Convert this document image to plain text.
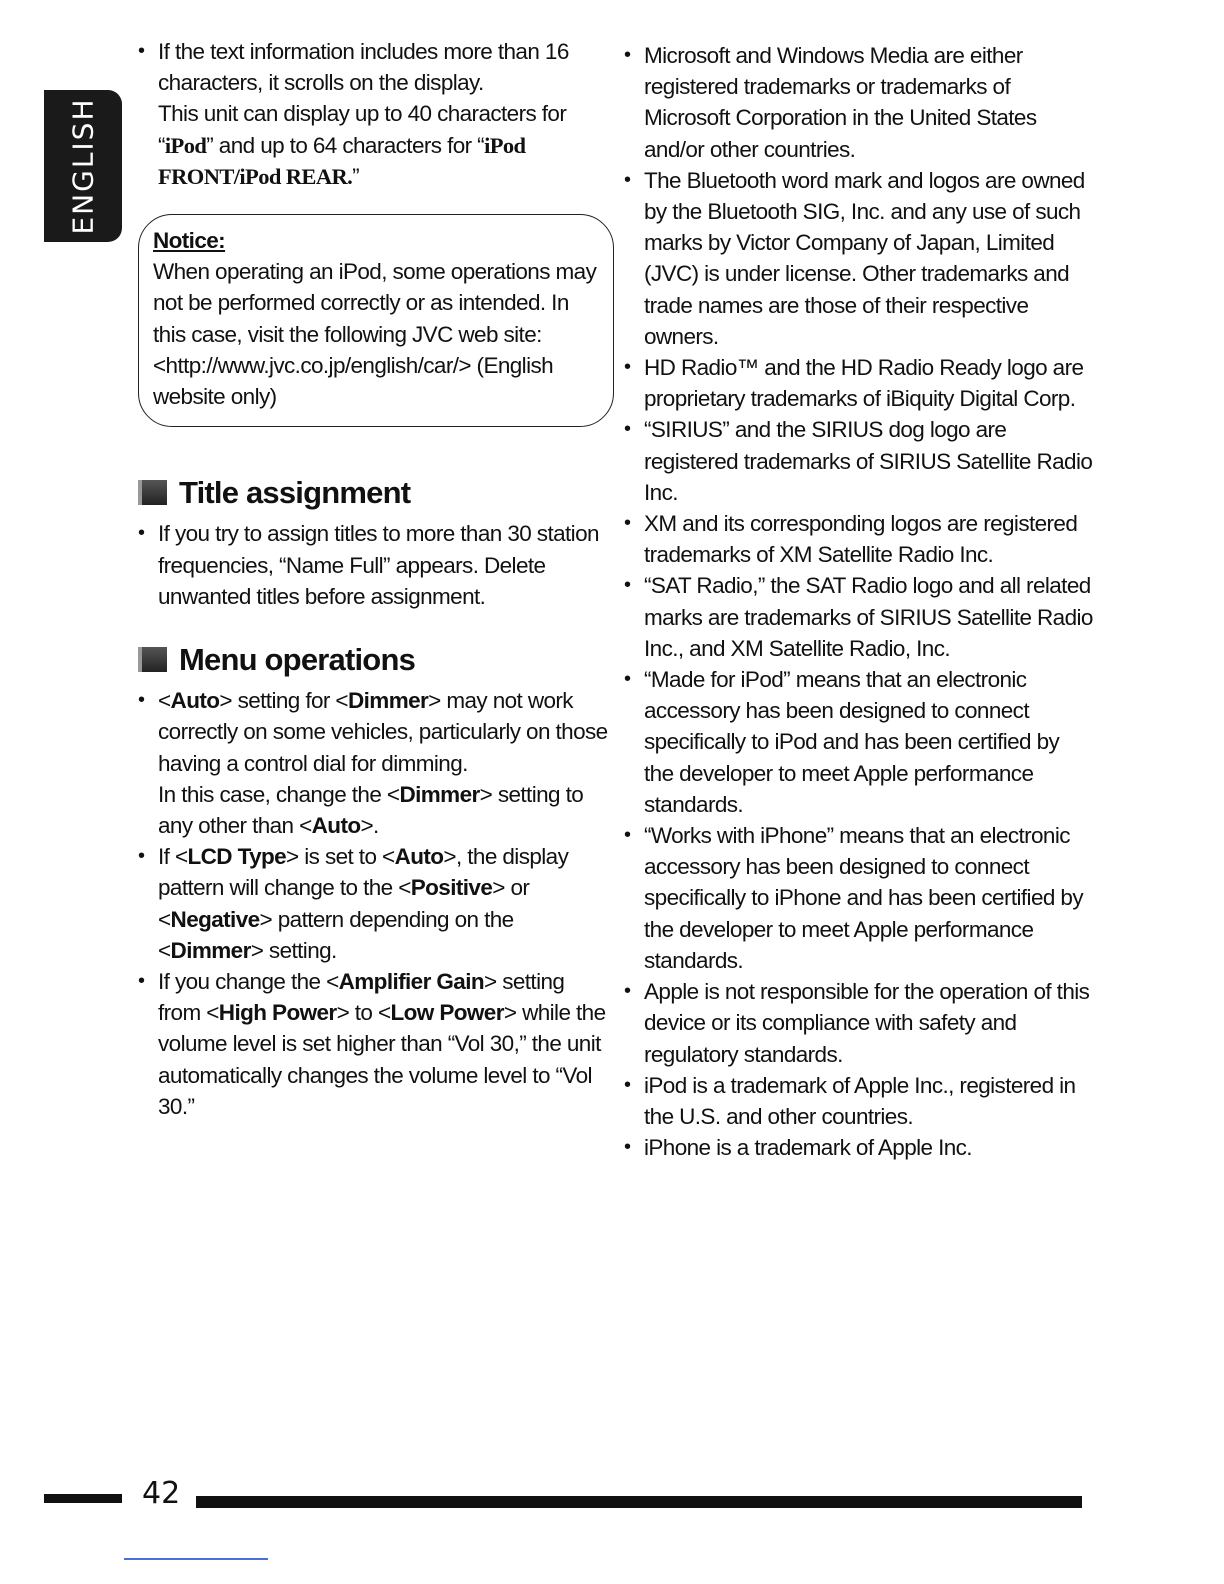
ENGLISH
• If the text information includes more than 16 characters, it scrolls on the display.
This unit can display up to 40 characters for “iPod” and up to 64 characters for “iPod FRONT/iPod REAR.”
Notice:
When operating an iPod, some operations may not be performed correctly or as intended. In this case, visit the following JVC web site: <http://www.jvc.co.jp/english/car/> (English website only)
Title assignment
• If you try to assign titles to more than 30 station frequencies, “Name Full” appears. Delete unwanted titles before assignment.
Menu operations
• <Auto> setting for <Dimmer> may not work correctly on some vehicles, particularly on those having a control dial for dimming.
In this case, change the <Dimmer> setting to any other than <Auto>.
• If <LCD Type> is set to <Auto>, the display pattern will change to the <Positive> or <Negative> pattern depending on the <Dimmer> setting.
• If you change the <Amplifier Gain> setting from <High Power> to <Low Power> while the volume level is set higher than “Vol 30,” the unit automatically changes the volume level to “Vol 30.”
• Microsoft and Windows Media are either registered trademarks or trademarks of Microsoft Corporation in the United States and/or other countries.
• The Bluetooth word mark and logos are owned by the Bluetooth SIG, Inc. and any use of such marks by Victor Company of Japan, Limited (JVC) is under license. Other trademarks and trade names are those of their respective owners.
• HD Radio™ and the HD Radio Ready logo are proprietary trademarks of iBiquity Digital Corp.
• “SIRIUS” and the SIRIUS dog logo are registered trademarks of SIRIUS Satellite Radio Inc.
• XM and its corresponding logos are registered trademarks of XM Satellite Radio Inc.
• “SAT Radio,” the SAT Radio logo and all related marks are trademarks of SIRIUS Satellite Radio Inc., and XM Satellite Radio, Inc.
• “Made for iPod” means that an electronic accessory has been designed to connect specifically to iPod and has been certified by the developer to meet Apple performance standards.
• “Works with iPhone” means that an electronic accessory has been designed to connect specifically to iPhone and has been certified by the developer to meet Apple performance standards.
• Apple is not responsible for the operation of this device or its compliance with safety and regulatory standards.
• iPod is a trademark of Apple Inc., registered in the U.S. and other countries.
• iPhone is a trademark of Apple Inc.
42
